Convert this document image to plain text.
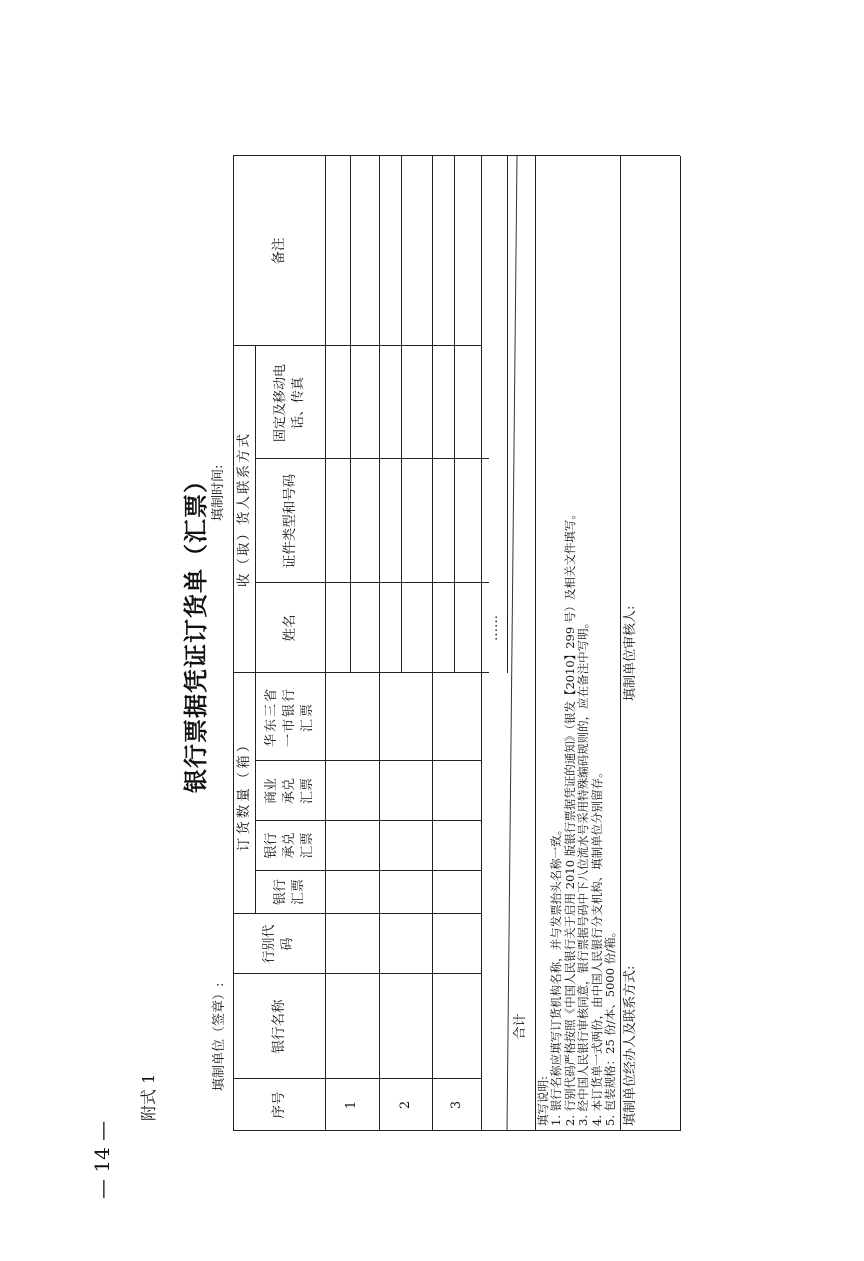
附式 1
— 14 —
银行票据凭证订货单（汇票）
填制单位（签章）:
填制时间:
序号
银行名称
行别代码
订货数量（箱）
银行汇票
银行承兑汇票
商业承兑汇票
华东三省一市银行汇票
收（取）货人联系方式
姓名
证件类型和号码
固定及移动电话、传真
备注
1	2	3
……
合计
填写说明: 1. 银行名称应填写订货机构名称，并与发票抬头名称一致。 2. 行别代码严格按照《中国人民银行关于启用 2010 版银行票据凭证的通知》（银发【2010】299 号）及相关文件填写。 3. 经中国人民银行审核同意，银行票据号码中下八位流水号采用特殊编码规则的，应在备注中写明。 4. 本订货单一式两份，由中国人民银行分支机构、填制单位分别留存。 5. 包装规格：25 份/本、5000 份/箱。 填制单位经办人及联系方式:
填制单位审核人:
